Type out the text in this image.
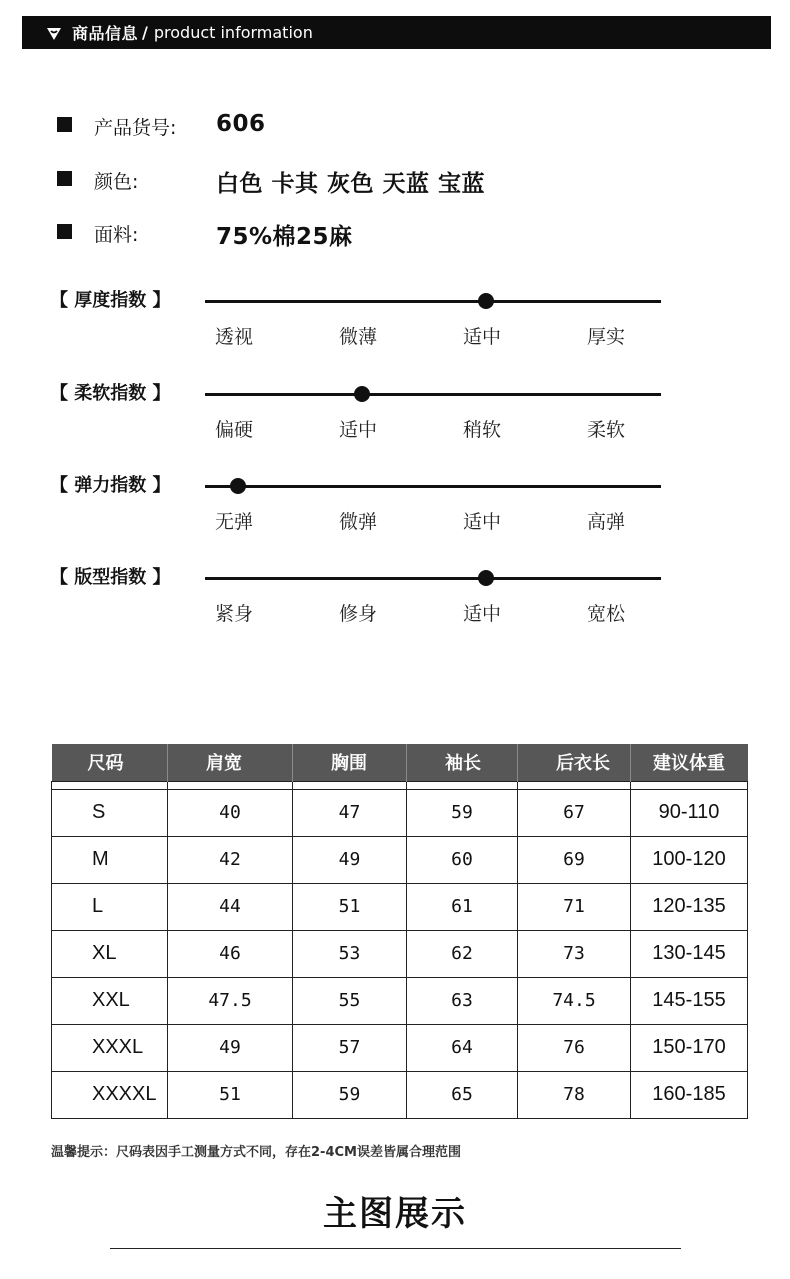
商品信息 / product information
产品货号: 606
颜色:	白色 卡其 灰色 天蓝 宝蓝
面料:	75%棉25麻
【 厚度指数 】
透视	微薄	适中	厚实
【 柔软指数 】
偏硬	适中	稍软	柔软
【 弹力指数 】
无弹	微弹	适中	高弹
【 版型指数 】
紧身	修身	适中	宽松
尺码	肩宽	胸围	袖长	后衣长	建议体重

S	40	47	59	67	90-110
M	42	49	60	69	100-120
L	44	51	61	71	120-135
XL	46	53	62	73	130-145
XXL	47.5	55	63	74.5	145-155
XXXL	49	57	64	76	150-170
XXXXL	51	59	65	78	160-185
温馨提示：尺码表因手工测量方式不同，存在2-4CM误差皆属合理范围
主图展示
